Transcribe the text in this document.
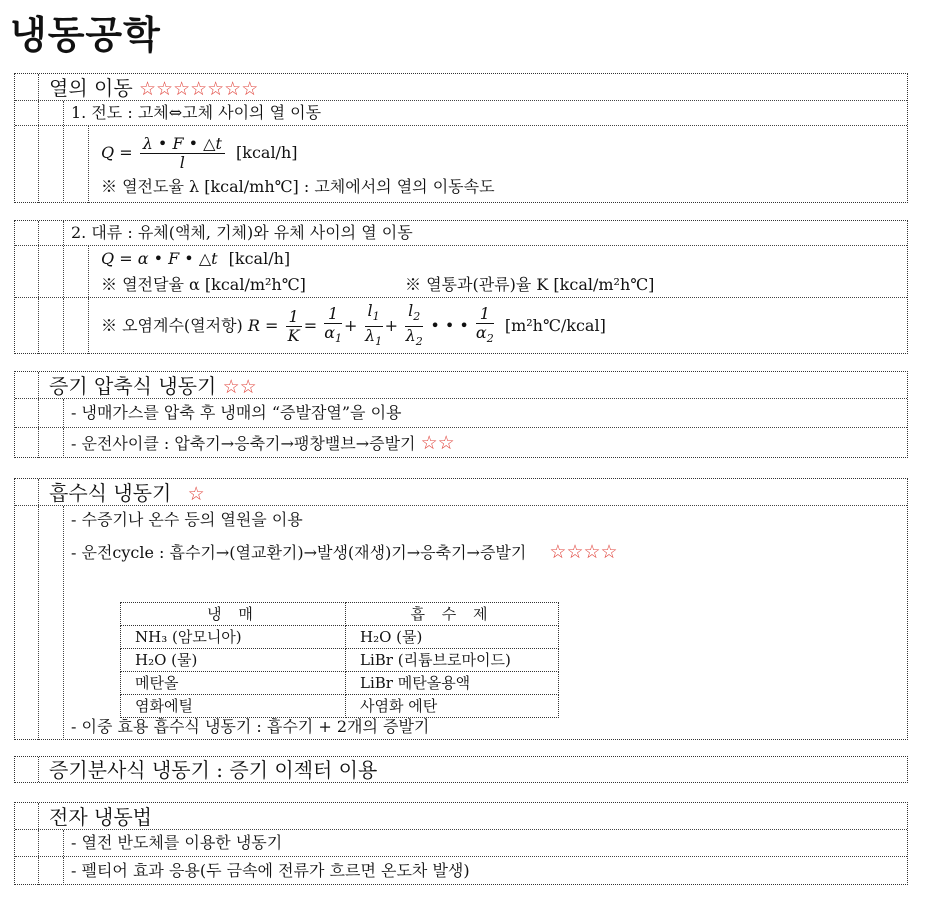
냉동공학
열의 이동 ☆☆☆☆☆☆☆
1. 전도 : 고체⇔고체 사이의 열 이동
$Q = \frac{\lambda • F • \triangle t}{l}$ [kcal/h]
※ 열전도율 λ [kcal/mh℃] : 고체에서의 열의 이동속도
2. 대류 : 유체(액체, 기체)와 유체 사이의 열 이동
Q = α • F • △t [kcal/h]
※ 열전달율 α [kcal/m²h℃]	※ 열통과(관류)율 K [kcal/m²h℃]
※ 오염계수(열저항) $R = \frac{1}{K} = \frac{1}{\alpha_1} + \frac{l_1}{\lambda_1} + \frac{l_2}{\lambda_2}$ • • • $\frac{1}{\alpha_2}$ [m²h℃/kcal]
증기 압축식 냉동기 ☆☆
- 냉매가스를 압축 후 냉매의 “증발잠열”을 이용
- 운전사이클 : 압축기→응축기→팽창밸브→증발기 ☆☆
흡수식 냉동기 ☆
- 수증기나 온수 등의 열원을 이용
- 운전cycle : 흡수기→(열교환기)→발생(재생)기→응축기→증발기 ☆☆☆☆
냉 매	흡 수 제
NH₃ (암모니아)	H₂O (물)
H₂O (물)	LiBr (리튬브로마이드)
메탄올	LiBr 메탄올용액
염화에틸	사염화 에탄
- 이중 효용 흡수식 냉동기 : 흡수기 + 2개의 증발기
증기분사식 냉동기 : 증기 이젝터 이용
전자 냉동법
- 열전 반도체를 이용한 냉동기
- 펠티어 효과 응용(두 금속에 전류가 흐르면 온도차 발생)
